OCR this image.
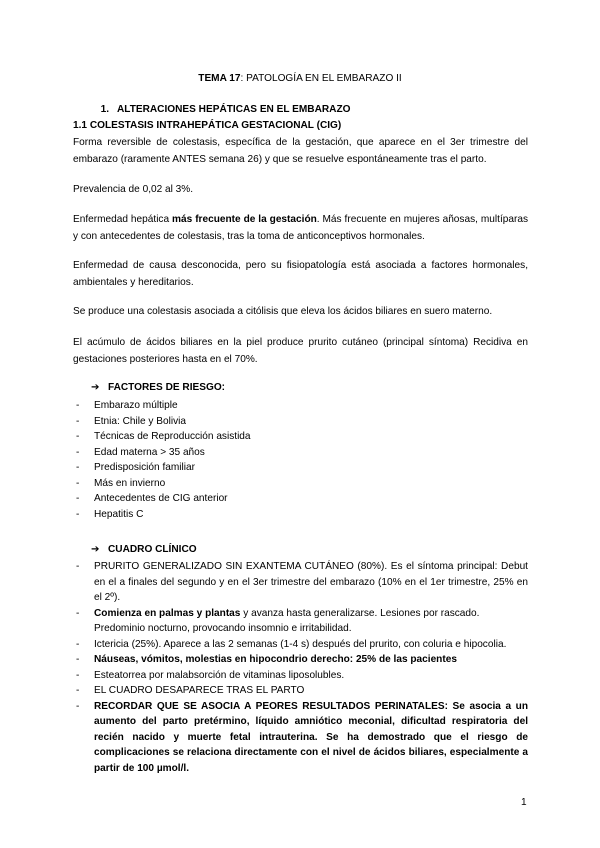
TEMA 17: PATOLOGÍA EN EL EMBARAZO II
1. ALTERACIONES HEPÁTICAS EN EL EMBARAZO
1.1 COLESTASIS INTRAHEPÁTICA GESTACIONAL (CIG)

Forma reversible de colestasis, específica de la gestación, que aparece en el 3er trimestre del embarazo (raramente ANTES semana 26) y que se resuelve espontáneamente tras el parto.

Prevalencia de 0,02 al 3%.

Enfermedad hepática más frecuente de la gestación. Más frecuente en mujeres añosas, multíparas y con antecedentes de colestasis, tras la toma de anticonceptivos hormonales.

Enfermedad de causa desconocida, pero su fisiopatología está asociada a factores hormonales, ambientales y hereditarios.

Se produce una colestasis asociada a citólisis que eleva los ácidos biliares en suero materno.

El acúmulo de ácidos biliares en la piel produce prurito cutáneo (principal síntoma) Recidiva en gestaciones posteriores hasta en el 70%.

➔ FACTORES DE RIESGO:
- Embarazo múltiple
- Etnia: Chile y Bolivia
- Técnicas de Reproducción asistida
- Edad materna > 35 años
- Predisposición familiar
- Más en invierno
- Antecedentes de CIG anterior
- Hepatitis C
➔ CUADRO CLÍNICO
- PRURITO GENERALIZADO SIN EXANTEMA CUTÁNEO (80%). Es el síntoma principal: Debut en el a finales del segundo y en el 3er trimestre del embarazo (10% en el 1er trimestre, 25% en el 2º).
- Comienza en palmas y plantas y avanza hasta generalizarse. Lesiones por rascado.
Predominio nocturno, provocando insomnio e irritabilidad.
- Ictericia (25%). Aparece a las 2 semanas (1-4 s) después del prurito, con coluria e hipocolia.
- Náuseas, vómitos, molestias en hipocondrio derecho: 25% de las pacientes
- Esteatorrea por malabsorción de vitaminas liposolubles.
- EL CUADRO DESAPARECE TRAS EL PARTO
- RECORDAR QUE SE ASOCIA A PEORES RESULTADOS PERINATALES: Se asocia a un aumento del parto pretérmino, líquido amniótico meconial, dificultad respiratoria del recién nacido y muerte fetal intrauterina. Se ha demostrado que el riesgo de complicaciones se relaciona directamente con el nivel de ácidos biliares, especialmente a partir de 100 µmol/l.
1
